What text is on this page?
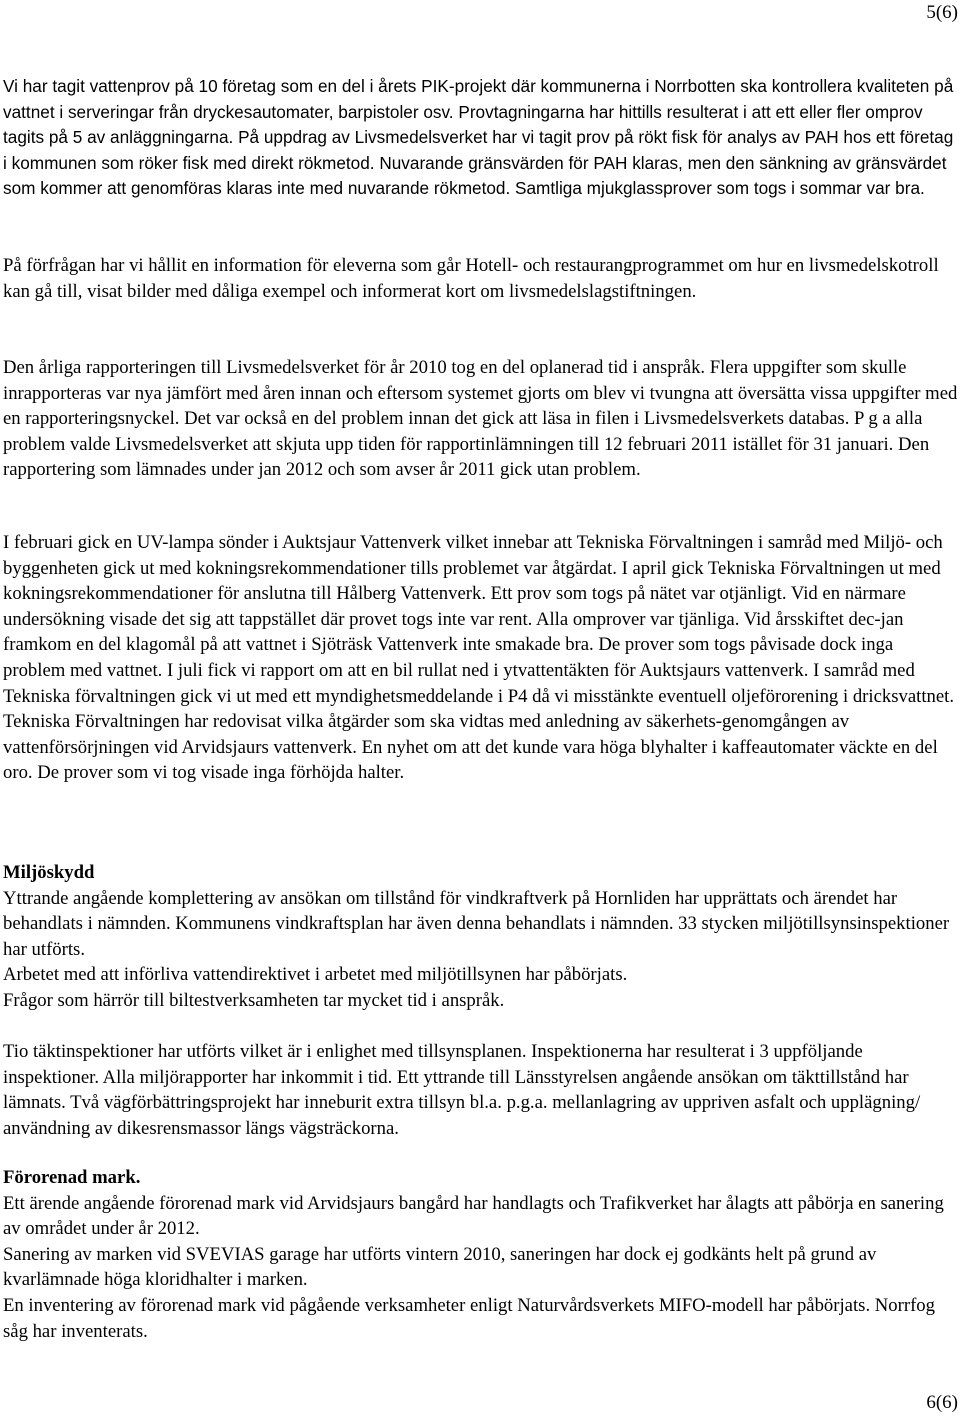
5(6)

Vi har tagit vattenprov på 10 företag som en del i årets PIK-projekt där kommunerna i Norrbotten ska kontrollera kvaliteten på vattnet i serveringar från dryckesautomater, barpistoler osv. Provtagningarna har hittills resulterat i att ett eller fler omprov tagits på 5 av anläggningarna. På uppdrag av Livsmedelsverket har vi tagit prov på rökt fisk för analys av PAH hos ett företag i kommunen som röker fisk med direkt rökmetod. Nuvarande gränsvärden för PAH klaras, men den sänkning av gränsvärdet som kommer att genomföras klaras inte med nuvarande rökmetod. Samtliga mjukglassprover som togs i sommar var bra.

På förfrågan har vi hållit en information för eleverna som går Hotell- och restaurangprogrammet om hur en livsmedelskotroll kan gå till, visat bilder med dåliga exempel och informerat kort om livsmedelslagstiftningen.

Den årliga rapporteringen till Livsmedelsverket för år 2010 tog en del oplanerad tid i anspråk. Flera uppgifter som skulle inrapporteras var nya jämfört med åren innan och eftersom systemet gjorts om blev vi tvungna att översätta vissa uppgifter med en rapporteringsnyckel. Det var också en del problem innan det gick att läsa in filen i Livsmedelsverkets databas. P g a alla problem valde Livsmedelsverket att skjuta upp tiden för rapportinlämningen till 12 februari 2011 istället för 31 januari. Den rapportering som lämnades under jan 2012 och som avser år 2011 gick utan problem.

I februari gick en UV-lampa sönder i Auktsjaur Vattenverk vilket innebar att Tekniska Förvaltningen i samråd med Miljö- och byggenheten gick ut med kokningsrekommendationer tills problemet var åtgärdat. I april gick Tekniska Förvaltningen ut med kokningsrekommendationer för anslutna till Hålberg Vattenverk. Ett prov som togs på nätet var otjänligt. Vid en närmare undersökning visade det sig att tappstället där provet togs inte var rent. Alla omprover var tjänliga. Vid årsskiftet dec-jan framkom en del klagomål på att vattnet i Sjöträsk Vattenverk inte smakade bra. De prover som togs påvisade dock inga problem med vattnet. I juli fick vi rapport om att en bil rullat ned i ytvattentäkten för Auktsjaurs vattenverk. I samråd med Tekniska förvaltningen gick vi ut med ett myndighetsmeddelande i P4 då vi misstänkte eventuell oljeförorening i dricksvattnet. Tekniska Förvaltningen har redovisat vilka åtgärder som ska vidtas med anledning av säkerhets-genomgången av vattenförsörjningen vid Arvidsjaurs vattenverk. En nyhet om att det kunde vara höga blyhalter i kaffeautomater väckte en del oro. De prover som vi tog visade inga förhöjda halter.

Miljöskydd

Yttrande angående komplettering av ansökan om tillstånd för vindkraftverk på Hornliden har upprättats och ärendet har behandlats i nämnden. Kommunens vindkraftsplan har även denna behandlats i nämnden. 33 stycken miljötillsynsinspektioner har utförts.

Arbetet med att införliva vattendirektivet i arbetet med miljötillsynen har påbörjats.

Frågor som härrör till biltestverksamheten tar mycket tid i anspråk.

Tio täktinspektioner har utförts vilket är i enlighet med tillsynsplanen. Inspektionerna har resulterat i 3 uppföljande inspektioner. Alla miljörapporter har inkommit i tid. Ett yttrande till Länsstyrelsen angående ansökan om täkttillstånd har lämnats. Två vägförbättringsprojekt har inneburit extra tillsyn bl.a. p.g.a. mellanlagring av uppriven asfalt och upplägning/ användning av dikesrensmassor längs vägsträckorna.

Förorenad mark.

Ett ärende angående förorenad mark vid Arvidsjaurs bangård har handlagts och Trafikverket har ålagts att påbörja en sanering av området under år 2012.

Sanering av marken vid SVEVIAS garage har utförts vintern 2010, saneringen har dock ej godkänts helt på grund av kvarlämnade höga kloridhalter i marken.

En inventering av förorenad mark vid pågående verksamheter enligt Naturvårdsverkets MIFO-modell har påbörjats. Norrfog såg har inventerats.

6(6)
